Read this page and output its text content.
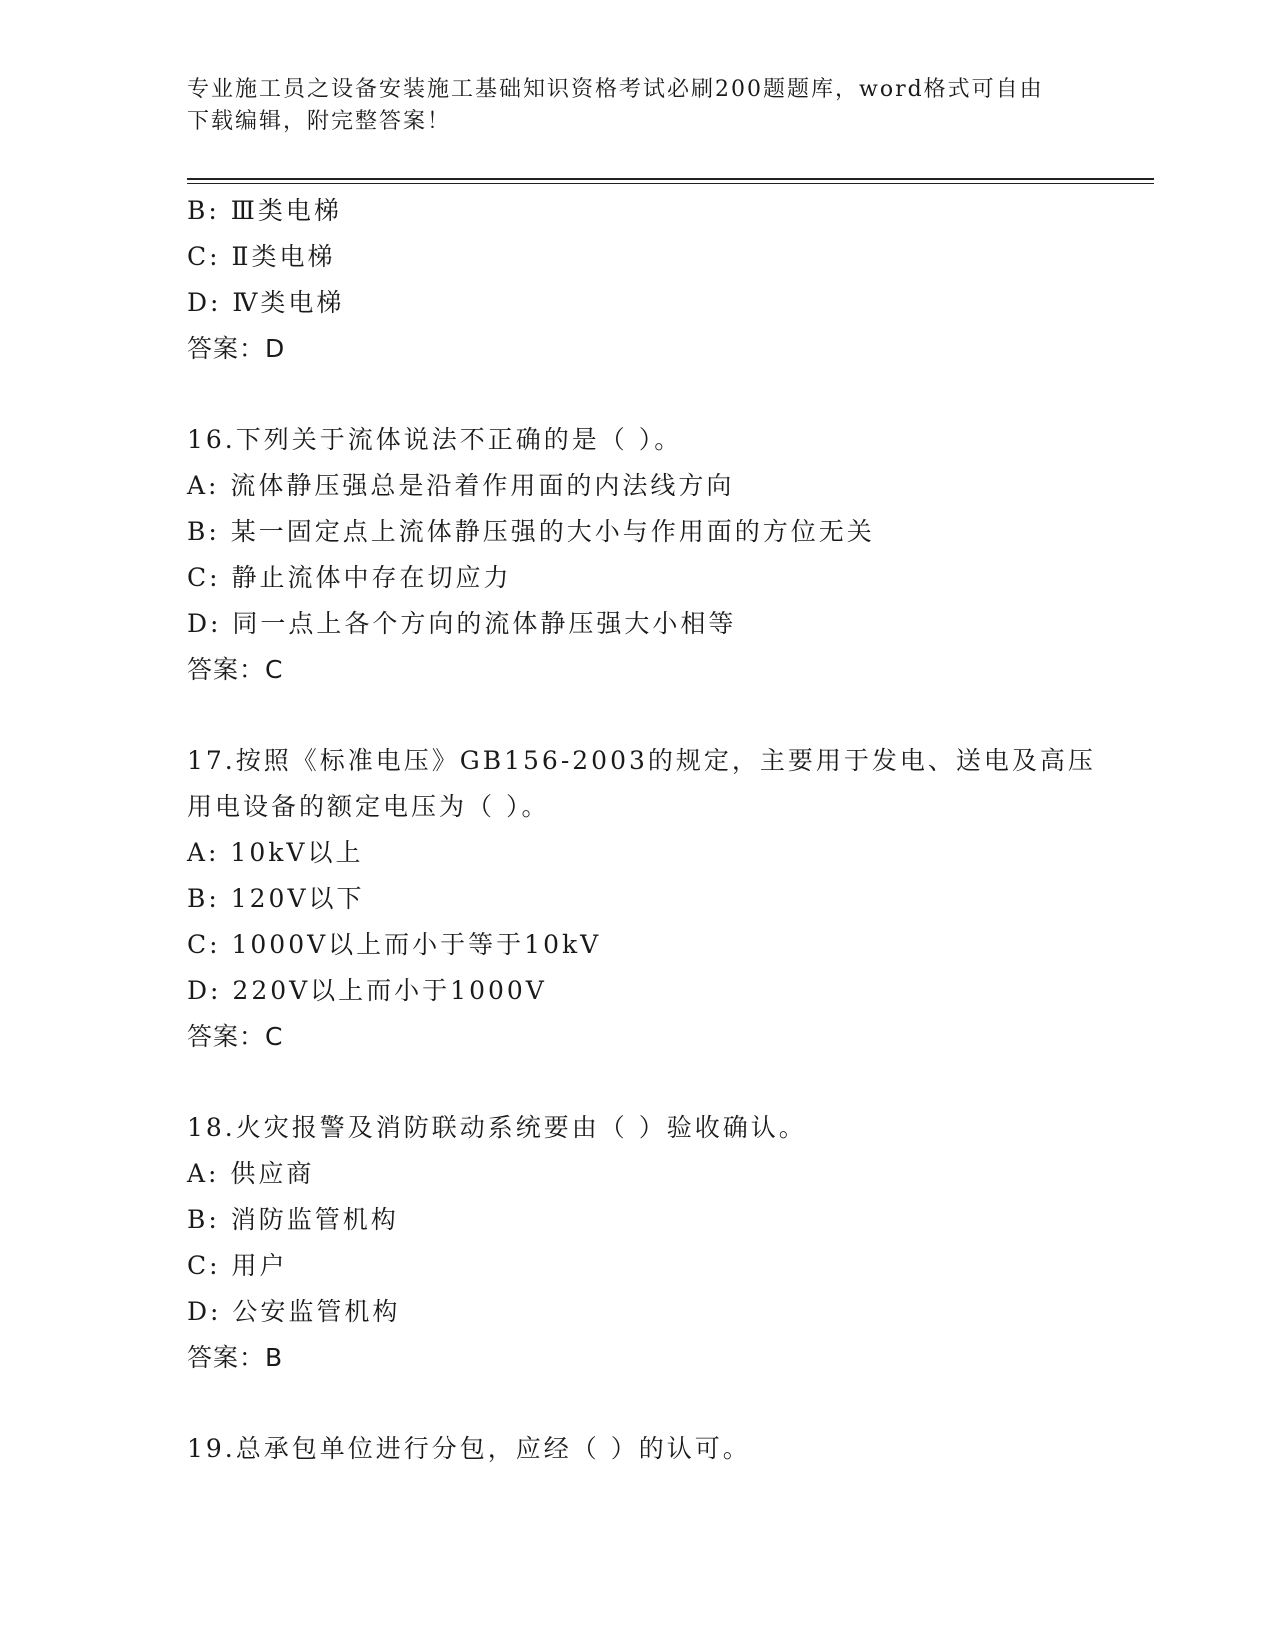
专业施工员之设备安装施工基础知识资格考试必刷200题题库，word格式可自由
下载编辑，附完整答案！
B: Ⅲ类电梯
C: Ⅱ类电梯
D: Ⅳ类电梯
答案：D
16.下列关于流体说法不正确的是（ ）。
A: 流体静压强总是沿着作用面的内法线方向
B: 某一固定点上流体静压强的大小与作用面的方位无关
C: 静止流体中存在切应力
D: 同一点上各个方向的流体静压强大小相等
答案：C
17.按照《标准电压》GB156-2003的规定，主要用于发电、送电及高压
用电设备的额定电压为（ ）。
A: 10kV以上
B: 120V以下
C: 1000V以上而小于等于10kV
D: 220V以上而小于1000V
答案：C
18.火灾报警及消防联动系统要由（ ）验收确认。
A: 供应商
B: 消防监管机构
C: 用户
D: 公安监管机构
答案：B
19.总承包单位进行分包，应经（ ）的认可。
